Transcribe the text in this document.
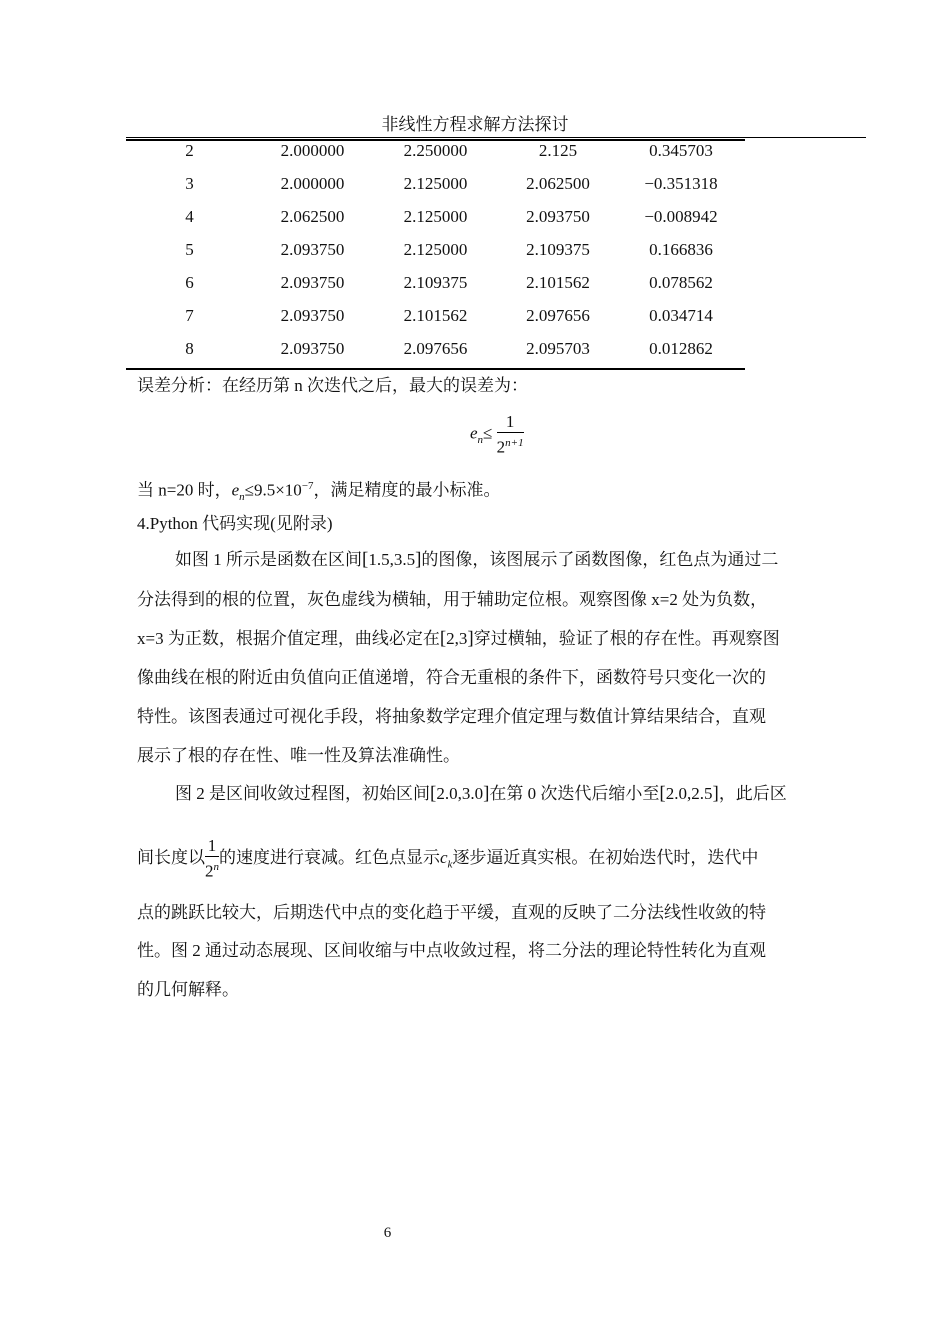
非线性方程求解方法探讨
2	2.000000	2.250000	2.125	0.345703
3	2.000000	2.125000	2.062500	−0.351318
4	2.062500	2.125000	2.093750	−0.008942
5	2.093750	2.125000	2.109375	0.166836
6	2.093750	2.109375	2.101562	0.078562
7	2.093750	2.101562	2.097656	0.034714
8	2.093750	2.097656	2.095703	0.012862
误差分析：在经历第 n 次迭代之后，最大的误差为：
$e_n\le \frac{1}{2^{n+1}}$
当 n=20 时，$e_n\le 9.5\times 10^{-7}$，满足精度的最小标准。
4.Python 代码实现(见附录)
如图 1 所示是函数在区间[1.5,3.5]的图像，该图展示了函数图像，红色点为通过二
分法得到的根的位置，灰色虚线为横轴，用于辅助定位根。观察图像 x=2 处为负数，
x=3 为正数，根据介值定理，曲线必定在[2,3]穿过横轴，验证了根的存在性。再观察图
像曲线在根的附近由负值向正值递增，符合无重根的条件下，函数符号只变化一次的
特性。该图表通过可视化手段，将抽象数学定理介值定理与数值计算结果结合，直观
展示了根的存在性、唯一性及算法准确性。
图 2 是区间收敛过程图，初始区间[2.0,3.0]在第 0 次迭代后缩小至[2.0,2.5]，此后区
间长度以 $\frac{1}{2^n}$ 的速度进行衰减。红色点显示$c_k$逐步逼近真实根。在初始迭代时，迭代中
点的跳跃比较大，后期迭代中点的变化趋于平缓，直观的反映了二分法线性收敛的特
性。图 2 通过动态展现、区间收缩与中点收敛过程，将二分法的理论特性转化为直观
的几何解释。
6
